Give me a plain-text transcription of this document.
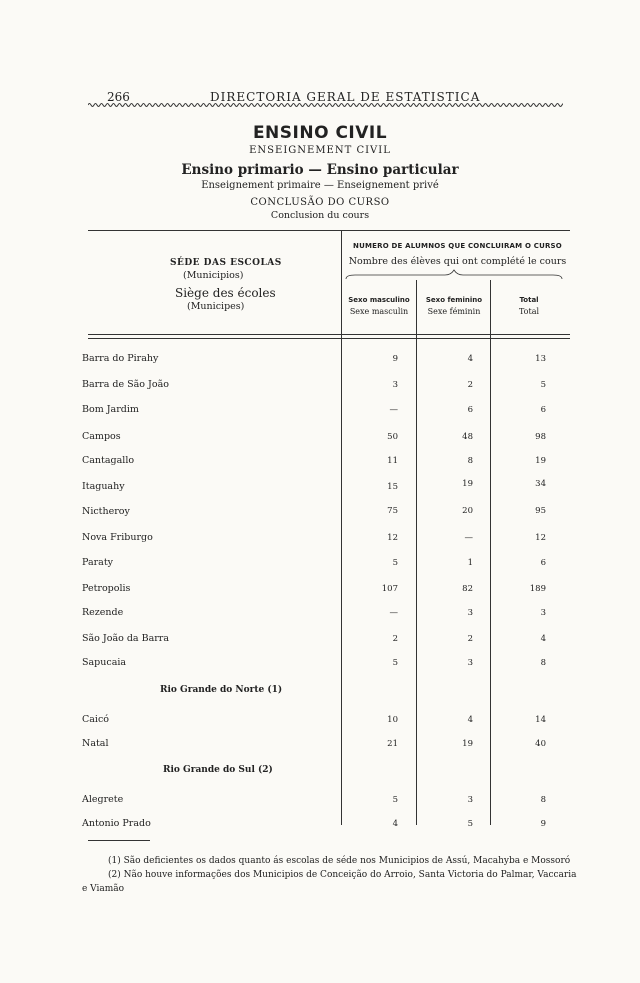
266	DIRECTORIA GERAL DE ESTATISTICA
ENSINO CIVIL
ENSEIGNEMENT CIVIL
Ensino primario — Ensino particular
Enseignement primaire — Enseignement privé
CONCLUSÃO DO CURSO
Conclusion du cours
SÉDE DAS ESCOLAS
(Municipios)
Siège des écoles
(Municipes)
NUMERO DE ALUMNOS QUE CONCLUIRAM O CURSO
Nombre des élèves qui ont complété le cours
Sexo masculino
Sexe masculin
Sexo feminino
Sexe féminin
Total
Total
Barra do Pirahy	9	4	13
Barra de São João	3	2	5
Bom Jardim	—	6	6
Campos	50	48	98
Cantagallo	11	8	19
Itaguahy	15	19	34
Nictheroy	75	20	95
Nova Friburgo	12	—	12
Paraty	5	1	6
Petropolis	107	82	189
Rezende	—	3	3
São João da Barra	2	2	4
Sapucaia	5	3	8
Rio Grande do Norte (1)
Caicó	10	4	14
Natal	21	19	40
Rio Grande do Sul (2)
Alegrete	5	3	8
Antonio Prado	4	5	9
(1) São deficientes os dados quanto ás escolas de séde nos Municipios de Assú, Macahyba e Mossoró
(2) Não houve informações dos Municipios de Conceição do Arroio, Santa Victoria do Palmar, Vaccaria
e Viamão
